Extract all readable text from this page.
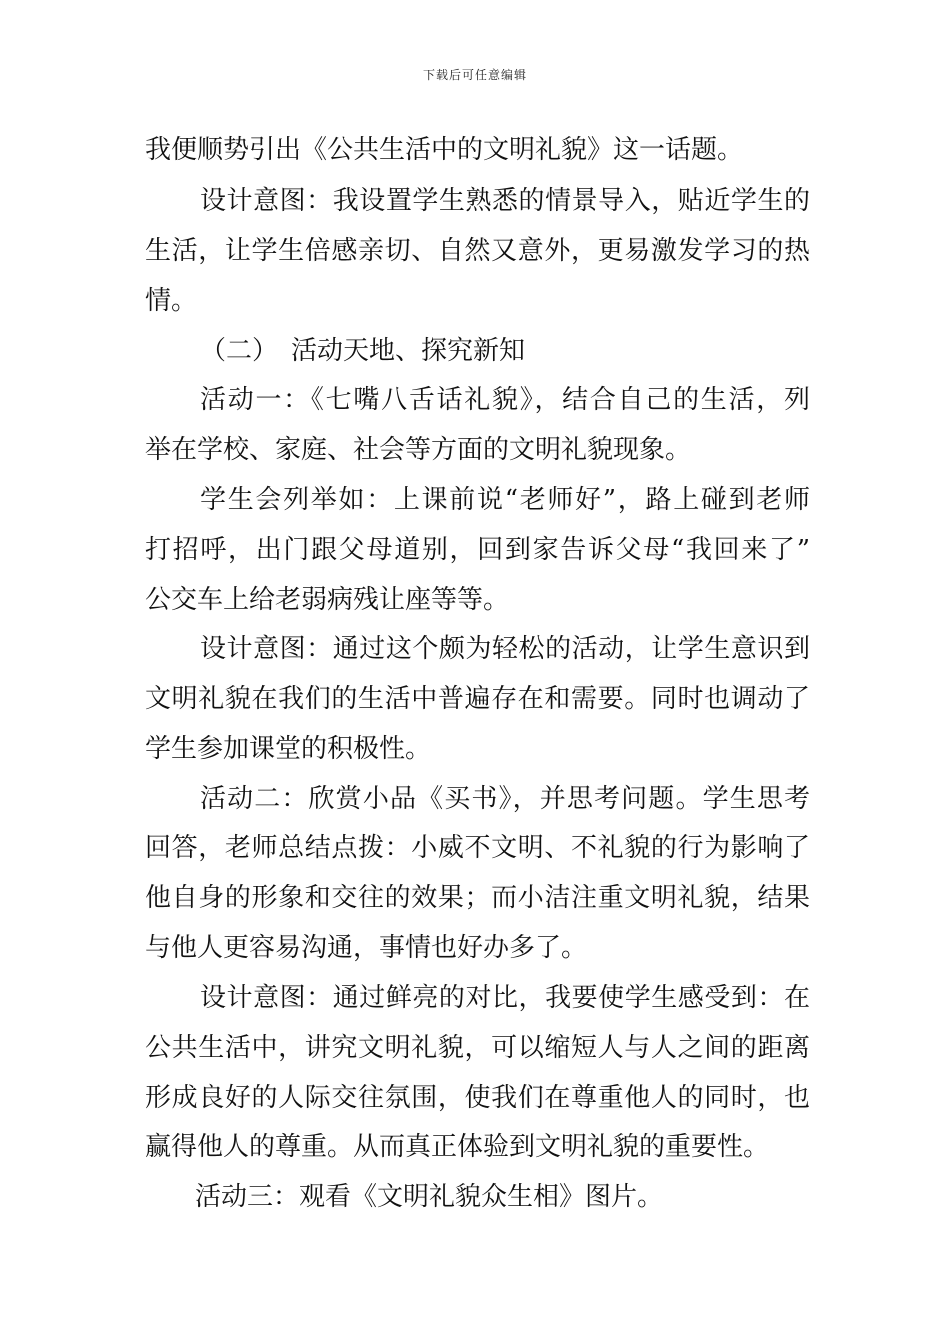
下载后可任意编辑
我便顺势引出《公共生活中的文明礼貌》这一话题。
设计意图：我设置学生熟悉的情景导入，贴近学生的
生活，让学生倍感亲切、自然又意外，更易激发学习的热
情。
（二）　活动天地、探究新知
活动一：《七嘴八舌话礼貌》，结合自己的生活，列
举在学校、家庭、社会等方面的文明礼貌现象。
学生会列举如：上课前说“老师好”，路上碰到老师
打招呼，出门跟父母道别，回到家告诉父母“我回来了”
公交车上给老弱病残让座等等。
设计意图：通过这个颇为轻松的活动，让学生意识到
文明礼貌在我们的生活中普遍存在和需要。同时也调动了
学生参加课堂的积极性。
活动二：欣赏小品《买书》，并思考问题。学生思考
回答，老师总结点拨：小威不文明、不礼貌的行为影响了
他自身的形象和交往的效果；而小洁注重文明礼貌，结果
与他人更容易沟通，事情也好办多了。
设计意图：通过鲜亮的对比，我要使学生感受到：在
公共生活中，讲究文明礼貌，可以缩短人与人之间的距离
形成良好的人际交往氛围，使我们在尊重他人的同时，也
赢得他人的尊重。从而真正体验到文明礼貌的重要性。
活动三：观看《文明礼貌众生相》图片。
